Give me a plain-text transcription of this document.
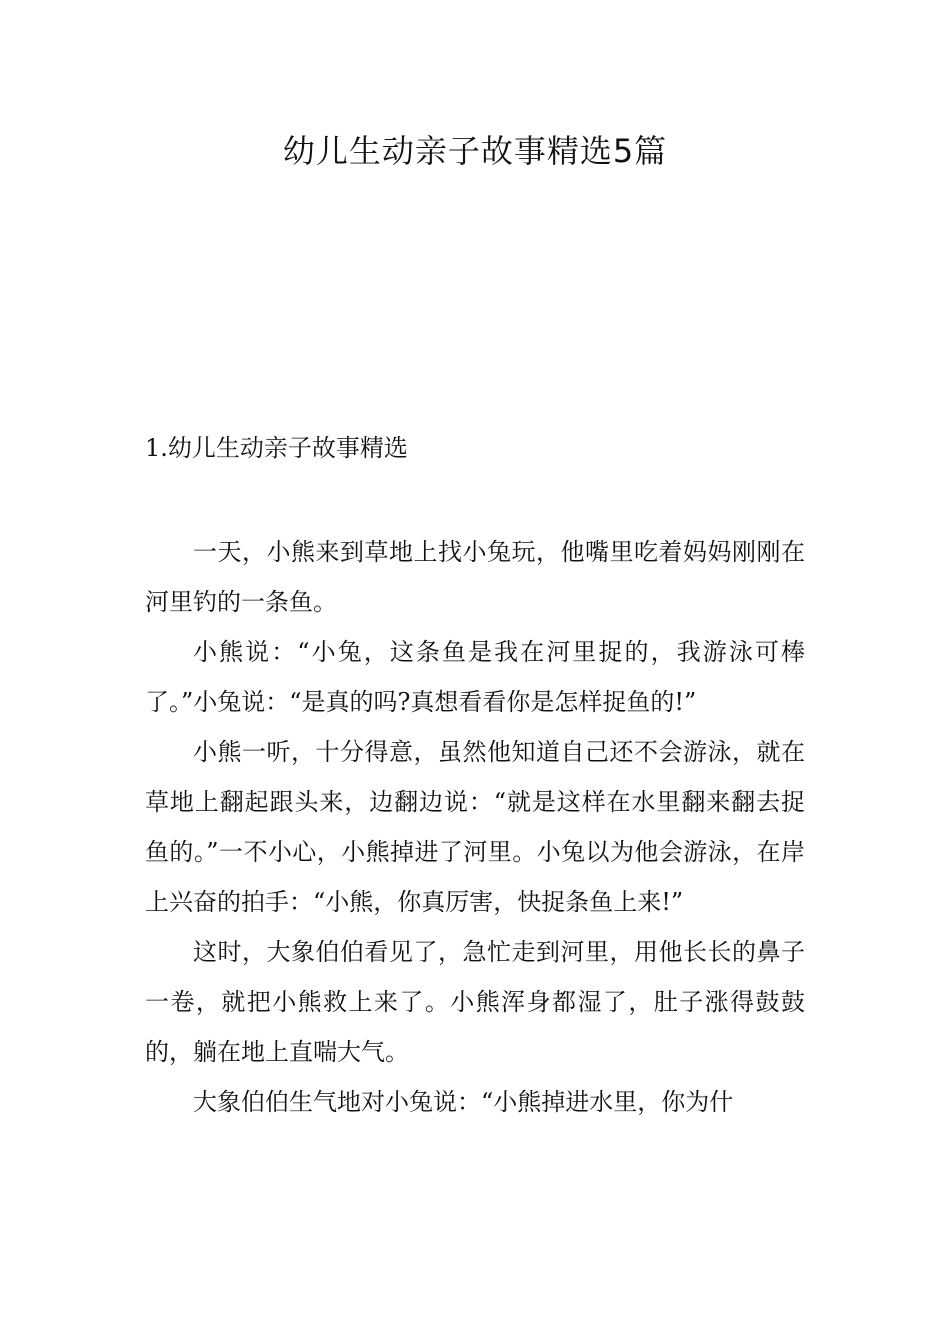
幼儿生动亲子故事精选5篇
1.幼儿生动亲子故事精选

一天，小熊来到草地上找小兔玩，他嘴里吃着妈妈刚刚在河里钓的一条鱼。

小熊说：“小兔，这条鱼是我在河里捉的，我游泳可棒了。”小兔说：“是真的吗?真想看看你是怎样捉鱼的!”

小熊一听，十分得意，虽然他知道自己还不会游泳，就在草地上翻起跟头来，边翻边说：“就是这样在水里翻来翻去捉鱼的。”一不小心，小熊掉进了河里。小兔以为他会游泳，在岸上兴奋的拍手：“小熊，你真厉害，快捉条鱼上来!”

这时，大象伯伯看见了，急忙走到河里，用他长长的鼻子一卷，就把小熊救上来了。小熊浑身都湿了，肚子涨得鼓鼓的，躺在地上直喘大气。

大象伯伯生气地对小兔说：“小熊掉进水里，你为什
